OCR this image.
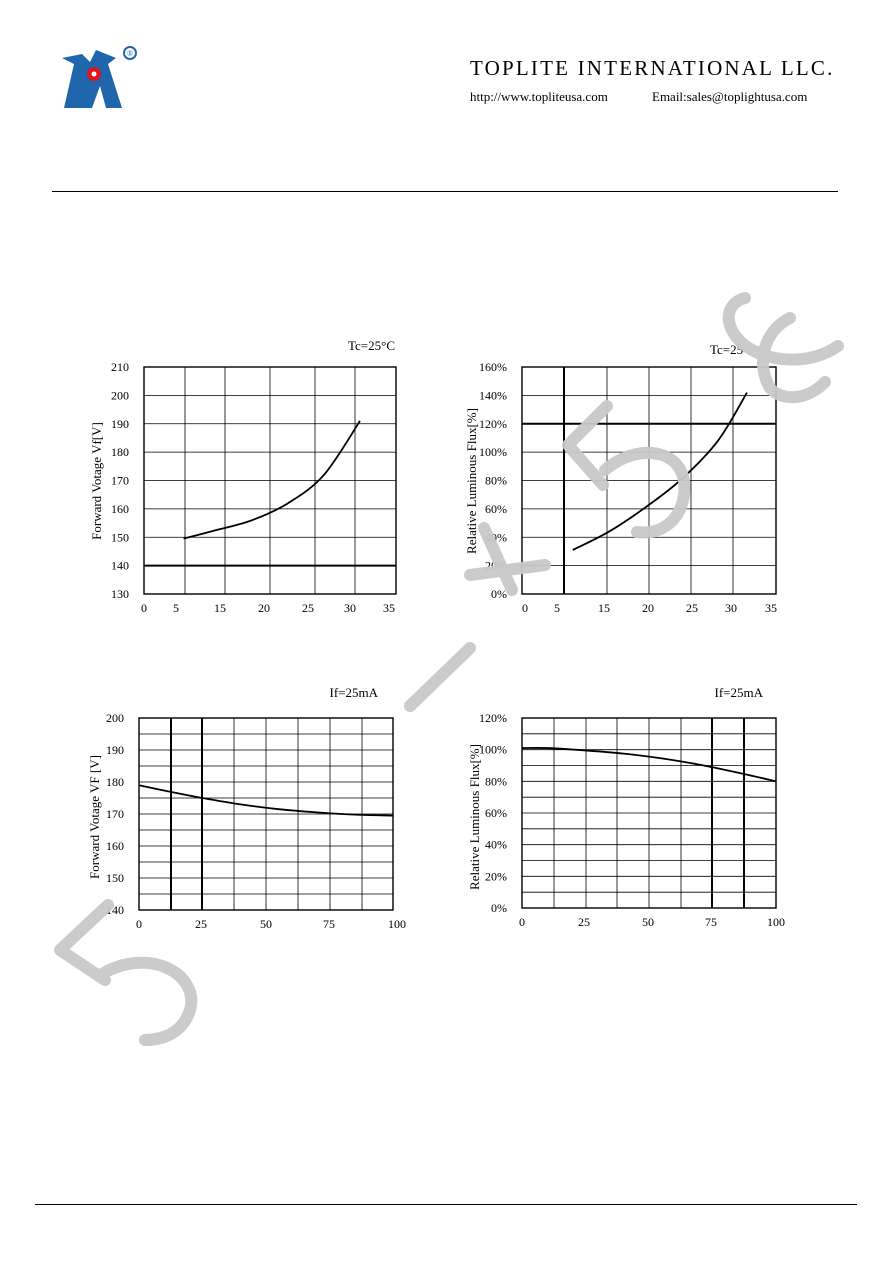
®
TOPLITE INTERNATIONAL LLC.
http://www.topliteusa.com	Email:sales@toplightusa.com
Tc=25°C
Forward Votage Vf[V]
130
140
150
160
170
180
190
200
210
0 5	15	20	25	30 35
Tc=25
Relative Luminous Flux[%]
0%
20%
40%
60%
80%
100%
120%
140%
160%
0 5	15	20	25 30 35
If=25mA
Forward Votage VF [V]
140
150
160
170
180
190
200
0	25	50	75	100
If=25mA
Relative Luminous Flux[%]
0%
20%
40%
60%
80%
100%
120%
0	25	50	75	100
